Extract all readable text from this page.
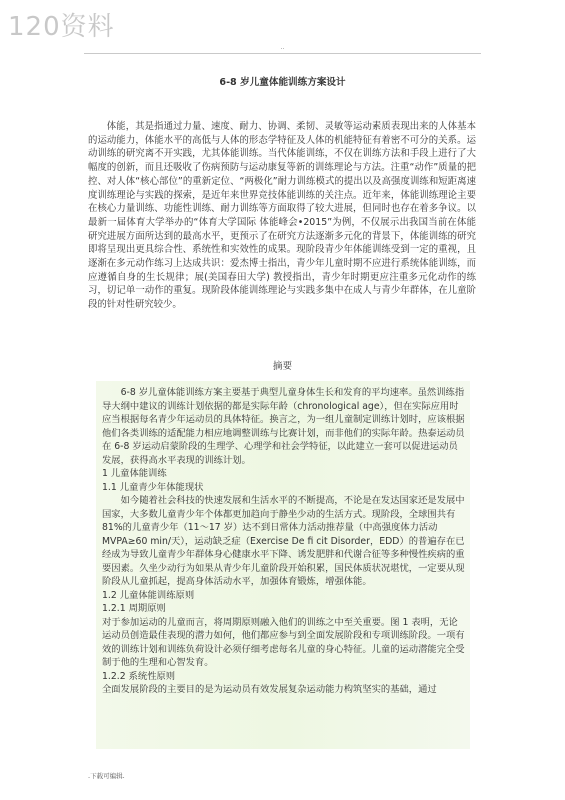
120资料
..
6-8 岁儿童体能训练方案设计

体能，其是指通过力量、速度、耐力、协调、柔韧、灵敏等运动素质表现出来的人体基本的运动能力，体能水平的高低与人体的形态学特征及人体的机能特征有着密不可分的关系。运动训练的研究离不开实践，尤其体能训练。当代体能训练，不仅在训练方法和手段上进行了大幅度的创新，而且还吸收了伤病预防与运动康复等新的训练理论与方法。注重“动作”质量的把控、对人体“核心部位”的重新定位、“两极化”耐力训练模式的提出以及高强度训练和短距离速度训练理论与实践的探索，是近年来世界竞技体能训练的关注点。近年来，体能训练理论主要在核心力量训练、功能性训练、耐力训练等方面取得了较大进展，但同时也存在着多争议。以最新一届体育大学举办的“体育大学国际 体能峰会•2015”为例，不仅展示出我国当前在体能研究进展方面所达到的最高水平，更预示了在研究方法逐渐多元化的背景下，体能训练的研究即将呈现出更具综合性、系统性和实效性的成果。现阶段青少年体能训练受到一定的重视，且逐渐在多元动作练习上达成共识：爱杰博士指出，青少年儿童时期不应进行系统体能训练，而应遵循自身的生长规律；展(美国春田大学) 教授指出，青少年时期更应注重多元化动作的练习，切记单一动作的重复。现阶段体能训练理论与实践多集中在成人与青少年群体，在儿童阶段的针对性研究较少。

摘要

6-8 岁儿童体能训练方案主要基于典型儿童身体生长和发育的平均速率。虽然训练指导大纲中建议的训练计划依据的都是实际年龄（chronological age），但在实际应用时应当根据每名青少年运动员的具体特征。换言之，为一组儿童制定训练计划时，应该根据他们各类训练的适配能力相应地调整训练与比赛计划，而非他们的实际年龄。热泰运动员在 6-8 岁运动启蒙阶段的生理学、心理学和社会学特征，以此建立一套可以促进运动员发展，获得高水平表现的训练计划。

1 儿童体能训练

1.1 儿童青少年体能现状

如今随着社会科技的快速发展和生活水平的不断提高，不论是在发达国家还是发展中国家，大多数儿童青少年个体都更加趋向于静坐少动的生活方式。现阶段，全球围共有 81%的儿童青少年（11～17 岁）达不到日常体力活动推荐量（中高强度体力活动 MVPA≥60 min/天），运动缺乏症（Exercise De fi cit Disorder，EDD）的普遍存在已经成为导致儿童青少年群体身心健康水平下降、诱发肥胖和代谢合征等多种慢性疾病的重要因素。久坐少动行为如果从青少年儿童阶段开始积累，国民体质状况堪忧，一定要从现阶段从儿童抓起，提高身体活动水平，加强体育锻炼，增强体能。

1.2 儿童体能训练原则

1.2.1 周期原则

对于参加运动的儿童而言，将周期原则融入他们的训练之中至关重要。图 1 表明，无论运动员创造最佳表现的潜力如何，他们都应参与到全面发展阶段和专项训练阶段。一项有效的训练计划和训练负荷设计必须仔细考虑每名儿童的身心特征。儿童的运动潜能完全受制于他的生理和心智发育。

1.2.2 系统性原则

全面发展阶段的主要目的是为运动员有效发展复杂运动能力构筑坚实的基础，通过

.下载可编辑.
